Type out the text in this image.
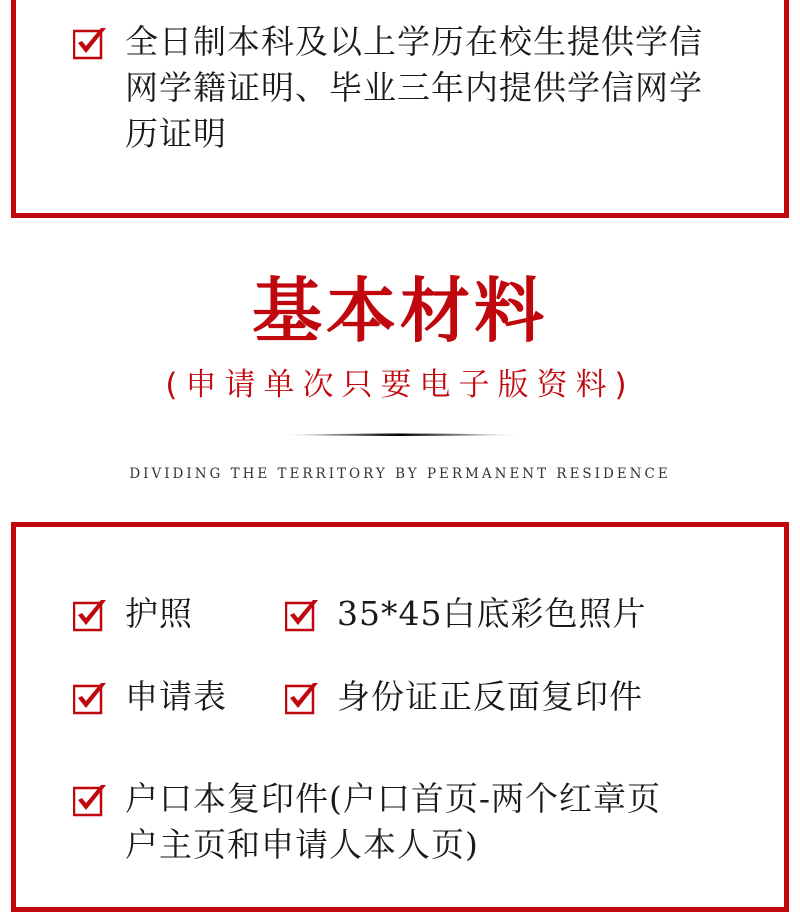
全日制本科及以上学历在校生提供学信
网学籍证明、毕业三年内提供学信网学
历证明
基本材料
(申请单次只要电子版资料)
DIVIDING THE TERRITORY BY PERMANENT RESIDENCE
护照	35*45白底彩色照片
申请表	身份证正反面复印件
户口本复印件(户口首页-两个红章页
户主页和申请人本人页)
